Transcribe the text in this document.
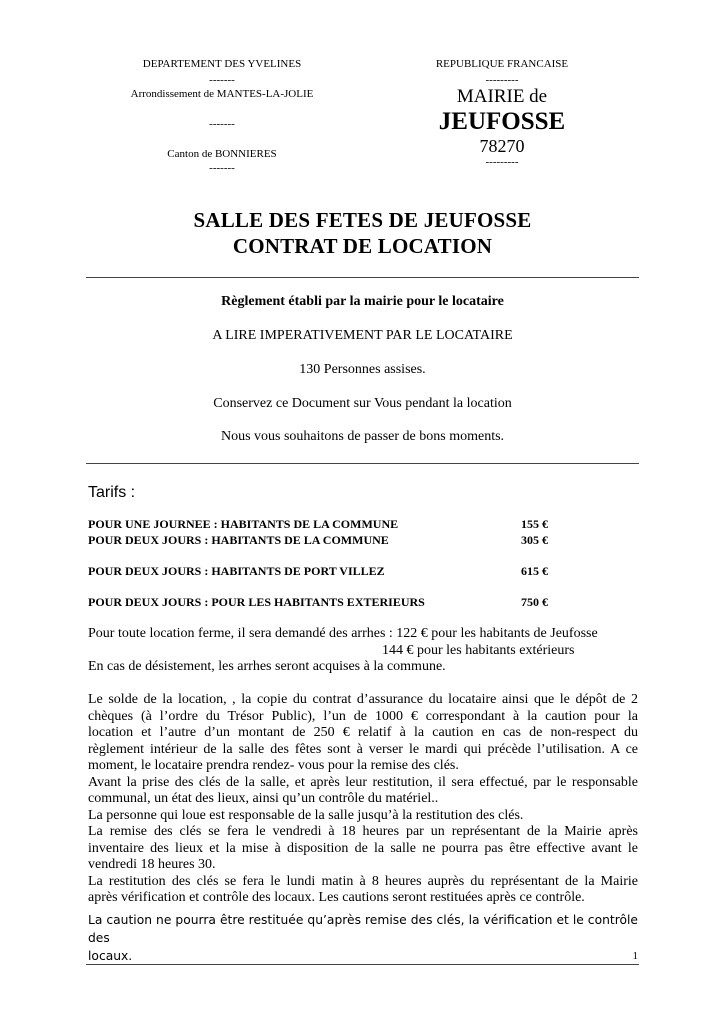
DEPARTEMENT DES YVELINES
-------
Arrondissement de MANTES-LA-JOLIE
-------
Canton de BONNIERES
-------
REPUBLIQUE FRANCAISE
---------
MAIRIE de
JEUFOSSE
78270
---------
SALLE DES FETES DE JEUFOSSE
CONTRAT DE LOCATION
Règlement établi par la mairie pour le locataire
A LIRE IMPERATIVEMENT PAR LE LOCATAIRE
130 Personnes assises.
Conservez ce Document sur Vous pendant la location
Nous vous souhaitons de passer de bons moments.
Tarifs :
POUR UNE JOURNEE : HABITANTS DE LA COMMUNE	155 €
POUR DEUX JOURS : HABITANTS DE LA COMMUNE	305 €
POUR DEUX JOURS : HABITANTS DE PORT VILLEZ	615 €
POUR DEUX JOURS : POUR LES HABITANTS EXTERIEURS	750 €
Pour toute location ferme, il sera demandé des arrhes : 122 € pour les habitants de Jeufosse
144 € pour les habitants extérieurs
En cas de désistement, les arrhes seront acquises à la commune.
Le solde de la location, , la copie du contrat d’assurance du locataire ainsi que le dépôt de 2
chèques (à l’ordre du Trésor Public), l’un de 1000 € correspondant à la caution pour la
location et l’autre d’un montant de 250 € relatif à la caution en cas de non-respect du
règlement intérieur de la salle des fêtes sont à verser le mardi qui précède l’utilisation. A ce
moment, le locataire prendra rendez- vous pour la remise des clés.
Avant la prise des clés de la salle, et après leur restitution, il sera effectué, par le responsable
communal, un état des lieux, ainsi qu’un contrôle du matériel..
La personne qui loue est responsable de la salle jusqu’à la restitution des clés.
La remise des clés se fera le vendredi à 18 heures par un représentant de la Mairie après
inventaire des lieux et la mise à disposition de la salle ne pourra pas être effective avant le
vendredi 18 heures 30.
La restitution des clés se fera le lundi matin à 8 heures auprès du représentant de la Mairie
après vérification et contrôle des locaux. Les cautions seront restituées après ce contrôle.
La caution ne pourra être restituée qu’après remise des clés, la vérification et le contrôle des
locaux.	1
